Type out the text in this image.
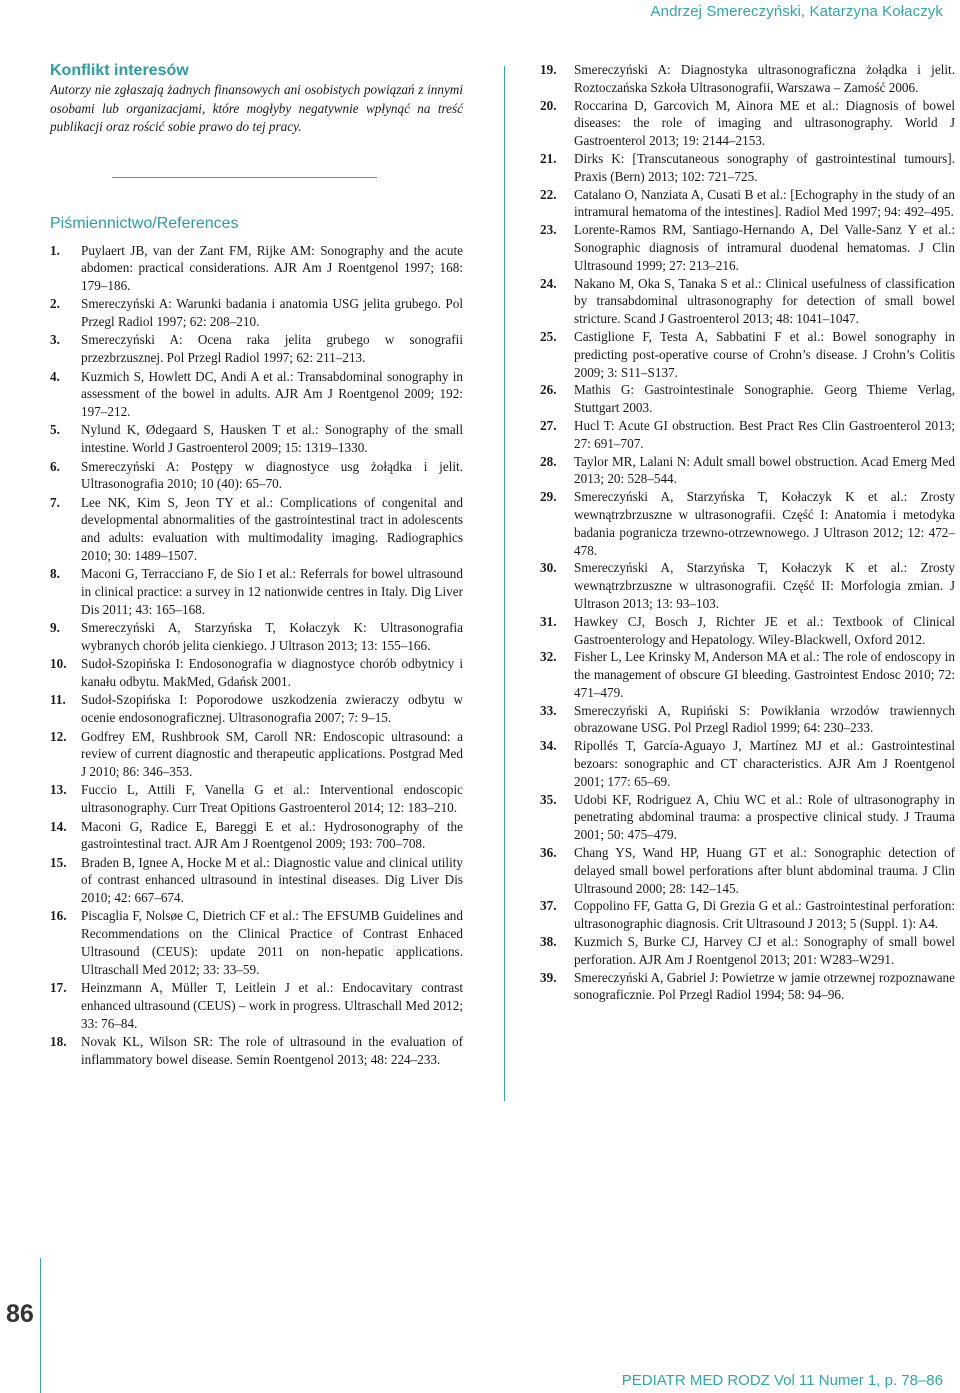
Andrzej Smereczyński, Katarzyna Kołaczyk
Konflikt interesów

Autorzy nie zgłaszają żadnych finansowych ani osobistych powiązań z innymi osobami lub organizacjami, które mogłyby negatywnie wpłynąć na treść publikacji oraz rościć sobie prawo do tej pracy.

Piśmiennictwo/References
1.	Puylaert JB, van der Zant FM, Rijke AM: Sonography and the acute abdomen: practical considerations. AJR Am J Roentgenol 1997; 168: 179–186.
2.	Smereczyński A: Warunki badania i anatomia USG jelita grubego. Pol Przegl Radiol 1997; 62: 208–210.
3.	Smereczyński A: Ocena raka jelita grubego w sonografii przezbrzusznej. Pol Przegl Radiol 1997; 62: 211–213.
4.	Kuzmich S, Howlett DC, Andi A et al.: Transabdominal sonography in assessment of the bowel in adults. AJR Am J Roentgenol 2009; 192: 197–212.
5.	Nylund K, Ødegaard S, Hausken T et al.: Sonography of the small intestine. World J Gastroenterol 2009; 15: 1319–1330.
6.	Smereczyński A: Postępy w diagnostyce usg żołądka i jelit. Ultrasonografia 2010; 10 (40): 65–70.
7.	Lee NK, Kim S, Jeon TY et al.: Complications of congenital and developmental abnormalities of the gastrointestinal tract in adolescents and adults: evaluation with multimodality imaging. Radiographics 2010; 30: 1489–1507.
8.	Maconi G, Terracciano F, de Sio I et al.: Referrals for bowel ultrasound in clinical practice: a survey in 12 nationwide centres in Italy. Dig Liver Dis 2011; 43: 165–168.
9.	Smereczyński A, Starzyńska T, Kołaczyk K: Ultrasonografia wybranych chorób jelita cienkiego. J Ultrason 2013; 13: 155–166.
10.	Sudoł-Szopińska I: Endosonografia w diagnostyce chorób odbytnicy i kanału odbytu. MakMed, Gdańsk 2001.
11.	Sudoł-Szopińska I: Poporodowe uszkodzenia zwieraczy odbytu w ocenie endosonograficznej. Ultrasonografia 2007; 7: 9–15.
12.	Godfrey EM, Rushbrook SM, Caroll NR: Endoscopic ultrasound: a review of current diagnostic and therapeutic applications. Postgrad Med J 2010; 86: 346–353.
13.	Fuccio L, Attili F, Vanella G et al.: Interventional endoscopic ultrasonography. Curr Treat Opitions Gastroenterol 2014; 12: 183–210.
14.	Maconi G, Radice E, Bareggi E et al.: Hydrosonography of the gastrointestinal tract. AJR Am J Roentgenol 2009; 193: 700–708.
15.	Braden B, Ignee A, Hocke M et al.: Diagnostic value and clinical utility of contrast enhanced ultrasound in intestinal diseases. Dig Liver Dis 2010; 42: 667–674.
16.	Piscaglia F, Nolsøe C, Dietrich CF et al.: The EFSUMB Guidelines and Recommendations on the Clinical Practice of Contrast Enhaced Ultrasound (CEUS): update 2011 on non-hepatic applications. Ultraschall Med 2012; 33: 33–59.
17.	Heinzmann A, Müller T, Leitlein J et al.: Endocavitary contrast enhanced ultrasound (CEUS) – work in progress. Ultraschall Med 2012; 33: 76–84.
18.	Novak KL, Wilson SR: The role of ultrasound in the evaluation of inflammatory bowel disease. Semin Roentgenol 2013; 48: 224–233.
19.	Smereczyński A: Diagnostyka ultrasonograficzna żołądka i jelit. Roztoczańska Szkoła Ultrasonografii, Warszawa – Zamość 2006.
20.	Roccarina D, Garcovich M, Ainora ME et al.: Diagnosis of bowel diseases: the role of imaging and ultrasonography. World J Gastroenterol 2013; 19: 2144–2153.
21.	Dirks K: [Transcutaneous sonography of gastrointestinal tumours]. Praxis (Bern) 2013; 102: 721–725.
22.	Catalano O, Nanziata A, Cusati B et al.: [Echography in the study of an intramural hematoma of the intestines]. Radiol Med 1997; 94: 492–495.
23.	Lorente-Ramos RM, Santiago-Hernando A, Del Valle-Sanz Y et al.: Sonographic diagnosis of intramural duodenal hematomas. J Clin Ultrasound 1999; 27: 213–216.
24.	Nakano M, Oka S, Tanaka S et al.: Clinical usefulness of classification by transabdominal ultrasonography for detection of small bowel stricture. Scand J Gastroenterol 2013; 48: 1041–1047.
25.	Castiglione F, Testa A, Sabbatini F et al.: Bowel sonography in predicting post-operative course of Crohn’s disease. J Crohn’s Colitis 2009; 3: S11–S137.
26.	Mathis G: Gastrointestinale Sonographie. Georg Thieme Verlag, Stuttgart 2003.
27.	Hucl T: Acute GI obstruction. Best Pract Res Clin Gastroenterol 2013; 27: 691–707.
28.	Taylor MR, Lalani N: Adult small bowel obstruction. Acad Emerg Med 2013; 20: 528–544.
29.	Smereczyński A, Starzyńska T, Kołaczyk K et al.: Zrosty wewnątrzbrzuszne w ultrasonografii. Część I: Anatomia i metodyka badania pogranicza trzewno-otrzewnowego. J Ultrason 2012; 12: 472–478.
30.	Smereczyński A, Starzyńska T, Kołaczyk K et al.: Zrosty wewnątrzbrzuszne w ultrasonografii. Część II: Morfologia zmian. J Ultrason 2013; 13: 93–103.
31.	Hawkey CJ, Bosch J, Richter JE et al.: Textbook of Clinical Gastroenterology and Hepatology. Wiley-Blackwell, Oxford 2012.
32.	Fisher L, Lee Krinsky M, Anderson MA et al.: The role of endoscopy in the management of obscure GI bleeding. Gastrointest Endosc 2010; 72: 471–479.
33.	Smereczyński A, Rupiński S: Powikłania wrzodów trawiennych obrazowane USG. Pol Przegl Radiol 1999; 64: 230–233.
34.	Ripollés T, García-Aguayo J, Martínez MJ et al.: Gastrointestinal bezoars: sonographic and CT characteristics. AJR Am J Roentgenol 2001; 177: 65–69.
35.	Udobi KF, Rodriguez A, Chiu WC et al.: Role of ultrasonography in penetrating abdominal trauma: a prospective clinical study. J Trauma 2001; 50: 475–479.
36.	Chang YS, Wand HP, Huang GT et al.: Sonographic detection of delayed small bowel perforations after blunt abdominal trauma. J Clin Ultrasound 2000; 28: 142–145.
37.	Coppolino FF, Gatta G, Di Grezia G et al.: Gastrointestinal perforation: ultrasonographic diagnosis. Crit Ultrasound J 2013; 5 (Suppl. 1): A4.
38.	Kuzmich S, Burke CJ, Harvey CJ et al.: Sonography of small bowel perforation. AJR Am J Roentgenol 2013; 201: W283–W291.
39.	Smereczyński A, Gabriel J: Powietrze w jamie otrzewnej rozpoznawane sonograficznie. Pol Przegl Radiol 1994; 58: 94–96.
86
PEDIATR MED RODZ Vol 11 Numer 1, p. 78–86
